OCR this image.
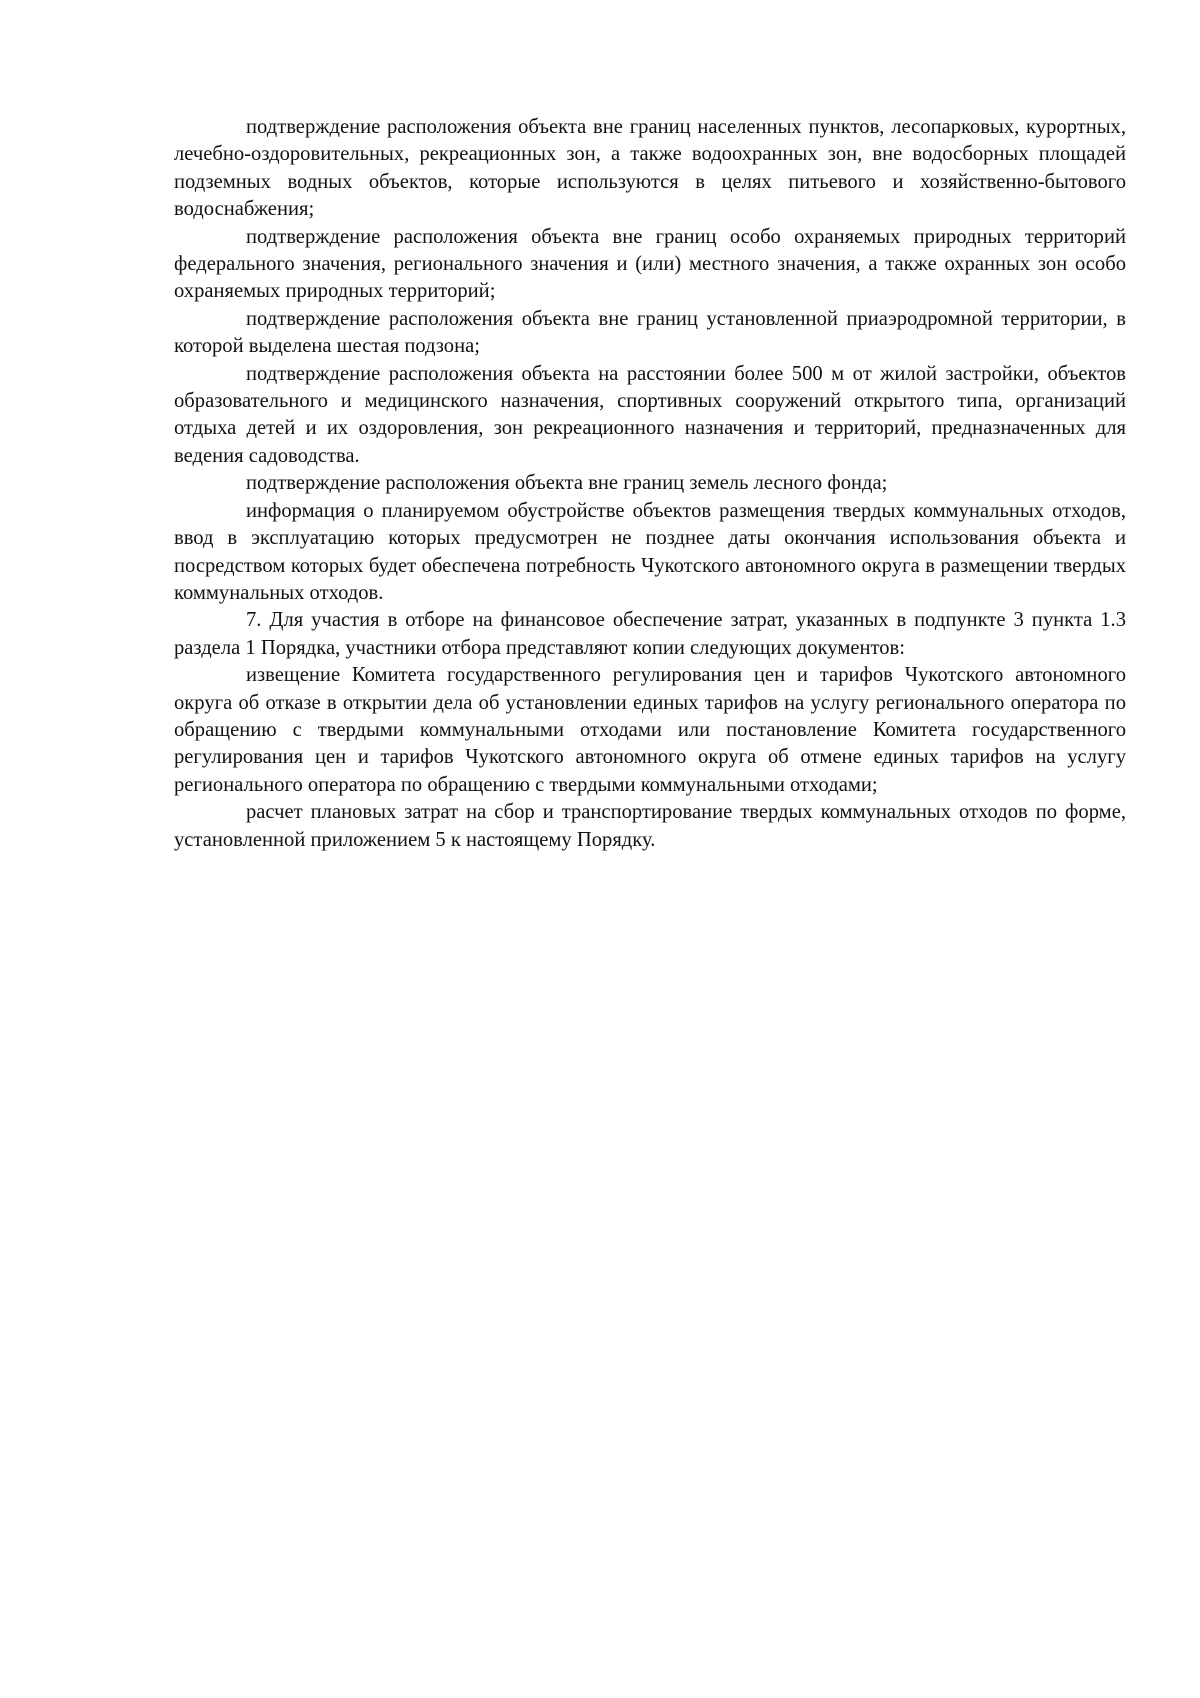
подтверждение расположения объекта вне границ населенных пунктов, лесопарковых, курортных, лечебно-оздоровительных, рекреационных зон, а также водоохранных зон, вне водосборных площадей подземных водных объектов, которые используются в целях питьевого и хозяйственно-бытового водоснабжения;

подтверждение расположения объекта вне границ особо охраняемых природных территорий федерального значения, регионального значения и (или) местного значения, а также охранных зон особо охраняемых природных территорий;

подтверждение расположения объекта вне границ установленной приаэродромной территории, в которой выделена шестая подзона;

подтверждение расположения объекта на расстоянии более 500 м от жилой застройки, объектов образовательного и медицинского назначения, спортивных сооружений открытого типа, организаций отдыха детей и их оздоровления, зон рекреационного назначения и территорий, предназначенных для ведения садоводства.

подтверждение расположения объекта вне границ земель лесного фонда;

информация о планируемом обустройстве объектов размещения твердых коммунальных отходов, ввод в эксплуатацию которых предусмотрен не позднее даты окончания использования объекта и посредством которых будет обеспечена потребность Чукотского автономного округа в размещении твердых коммунальных отходов.

7. Для участия в отборе на финансовое обеспечение затрат, указанных в подпункте 3 пункта 1.3 раздела 1 Порядка, участники отбора представляют копии следующих документов:

извещение Комитета государственного регулирования цен и тарифов Чукотского автономного округа об отказе в открытии дела об установлении единых тарифов на услугу регионального оператора по обращению с твердыми коммунальными отходами или постановление Комитета государственного регулирования цен и тарифов Чукотского автономного округа об отмене единых тарифов на услугу регионального оператора по обращению с твердыми коммунальными отходами;

расчет плановых затрат на сбор и транспортирование твердых коммунальных отходов по форме, установленной приложением 5 к настоящему Порядку.
